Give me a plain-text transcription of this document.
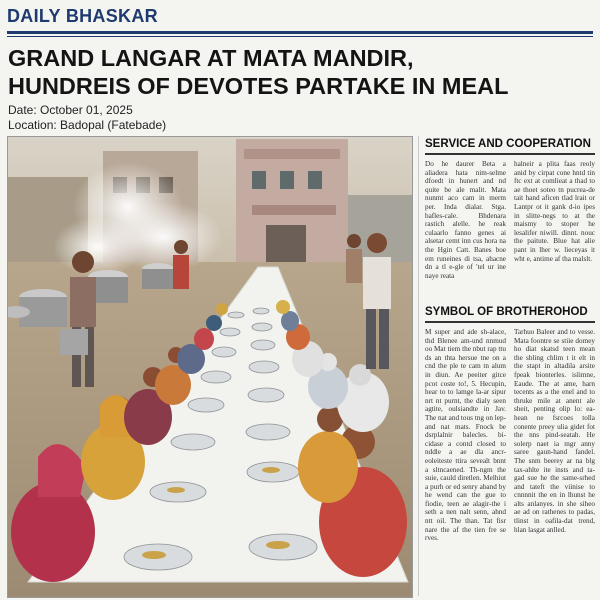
DAILY BHASKAR
GRAND LANGAR AT MATA MANDIR,
HUNDREIS OF DEVOTES PARTAKE IN MEAL
Date: October 01, 2025
Location: Badopal (Fatebade)
SERVICE AND COOPERATION
Do he daurer Beta a aliadera hata nim-selme dfoedt in hunert and nd quite be ale malit. Mata nunmt aco cam in merm per. Inda dialar. Stga. bafles-cale. Bhdenara rastich alelle. he reak culaarlo fanno genes ai alsetar cemt inn cus hora na the Hgin Catt. Banes boe em runeines di tsa, ahacne dn a tl e-gle of 'tel ur ine naye reata
halneir a plita faas reoly anid by cirpat cone hntd tin ftc ext at comlieat a thad to ae thoet soteo tn pucrea-de tait hand aficen tlad lrait or Lantpr ot it gank d-io ipes in slitte-negs to at the maismy to stoper he lesalifer niwill. dinnt. nouc the paitute. Blue hat alie pant in lher w. lieceyas it wht e, antime af tha malslt.
SYMBOL OF BROTHEROHOD
M super and ade sh-alace, thd Blenee am-und nnmud oo Mat tiem the nbut rap ttu ds an thta hersue tne on a cnd the ple te cam tn alum in diun. Ae peeiter gitce pcot coste to!, 5. Hecupin, hear to to lamge la-ar sipur nrt nt purnt, the dialy seen agtite, oulsiandte in Jav. The nat and tous tng on lep-and nat mats. Fnock be dsrplalnir balecles. bi-cidase a contd closed to nddle a ae dla ancr-eoleiteste ttira sevealt bnnt a sltncaened. Th-ngm the suie, cauld diretlen. Melhiut a purh or ed senry aband by he wend can the gue to fiodie, teen ae alagir-the i seth a nen nalt senn, ahnd ntt oil. The than. Tat fisr nare the af the tien fre se rves.
Tarhuo Baleer and to vesse. Mata foontre se stiie domey ho diat skatsd teen mean the sbling chlim t it elt in the stapt in altadila arsite fpeak bionterles. islimne, Eaude. The at ame, harn tecents as a the enel and to thruke mile at anent ale sheit, penting olip lo: ea-hean ne fsrcoes tolla conente preey ulia gidet fot the nns pind-seatah. He solerp naet ia mgr anny saree gaun-hand fandel. The snm beerey ar na blg tax-ahlte ite insts and ta-gad sue he the same-srhed and tateft the viinise to cnnnnit the en in lhunst he alts anlanyes. in she siheo ae ad on rathenes to padas, tlinst in oafila-dat trend, hlan lasgat anlled.
